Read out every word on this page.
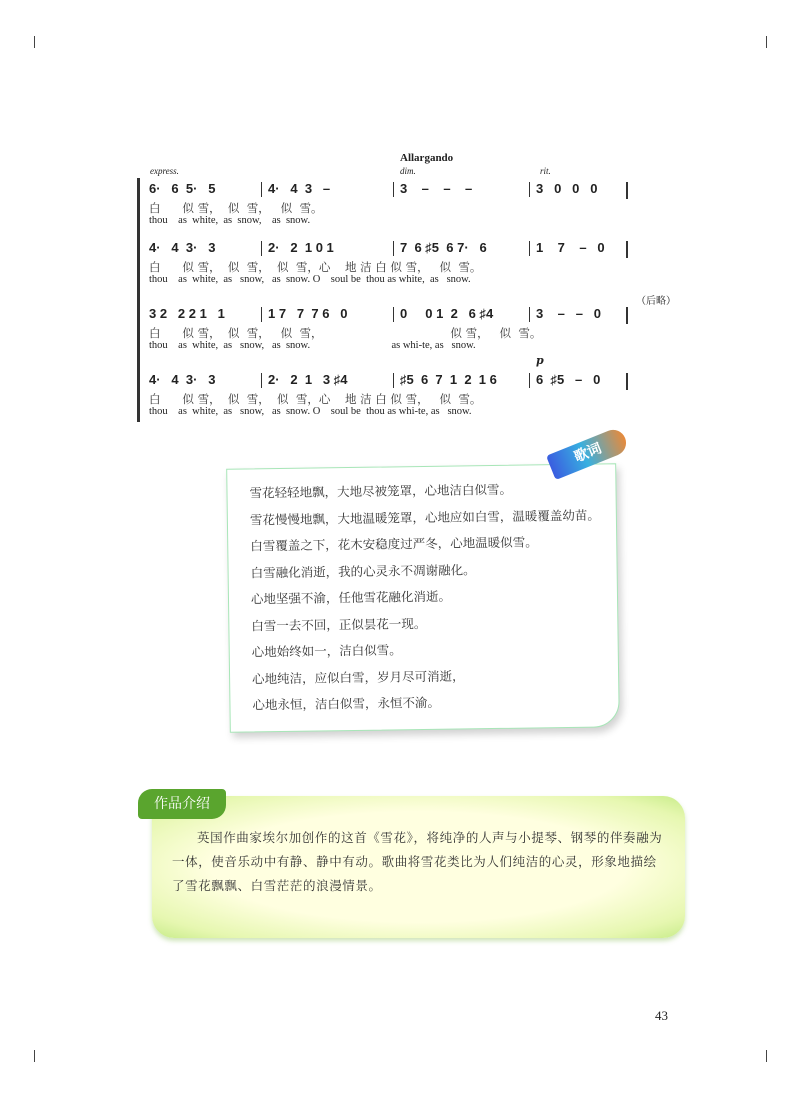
Allargando
express.	dim.	rit.
p
（后略）
6·   6  5·   5	4·   4  3   –	3    –    –    –	3   0   0   0
白      似 雪，  似  雪，   似  雪。
thou    as  white,  as  snow,    as  snow.
4·   4  3·   3	2·   2  1 0 1	7  6 ♯5  6 7·   6	1    7    –   0
白      似 雪，  似  雪，  似  雪，心    地 洁 白 似 雪，   似  雪。
thou    as  white,  as   snow,   as  snow. O    soul be  thou as white,  as   snow.
3 2   2 2 1   1	1 7   7  7 6   0	0     0 1  2   6 ♯4	3    –   –   0
白      似 雪，  似  雪，   似  雪，                                   似 雪，   似  雪。
thou    as  white,  as   snow,   as  snow.                               as whi-te, as   snow.
4·   4  3·   3	2·   2  1   3 ♯4	♯5  6  7  1  2  1 6	6  ♯5   –   0
白      似 雪，  似  雪，  似  雪，心    地 洁 白 似 雪，   似  雪。
thou    as  white,  as   snow,   as  snow. O    soul be  thou as whi-te, as   snow.
雪花轻轻地飘，大地尽被笼罩，心地洁白似雪。
雪花慢慢地飘，大地温暖笼罩，心地应如白雪，温暖覆盖幼苗。
白雪覆盖之下，花木安稳度过严冬，心地温暖似雪。
白雪融化消逝，我的心灵永不凋谢融化。
心地坚强不渝，任他雪花融化消逝。
白雪一去不回，正似昙花一现。
心地始终如一，洁白似雪。
心地纯洁，应似白雪，岁月尽可消逝，
心地永恒，洁白似雪，永恒不渝。
歌词
作品介绍
英国作曲家埃尔加创作的这首《雪花》，将纯净的人声与小提琴、钢琴的伴奏融为一体，使音乐动中有静、静中有动。歌曲将雪花类比为人们纯洁的心灵，形象地描绘了雪花飘飘、白雪茫茫的浪漫情景。
43
